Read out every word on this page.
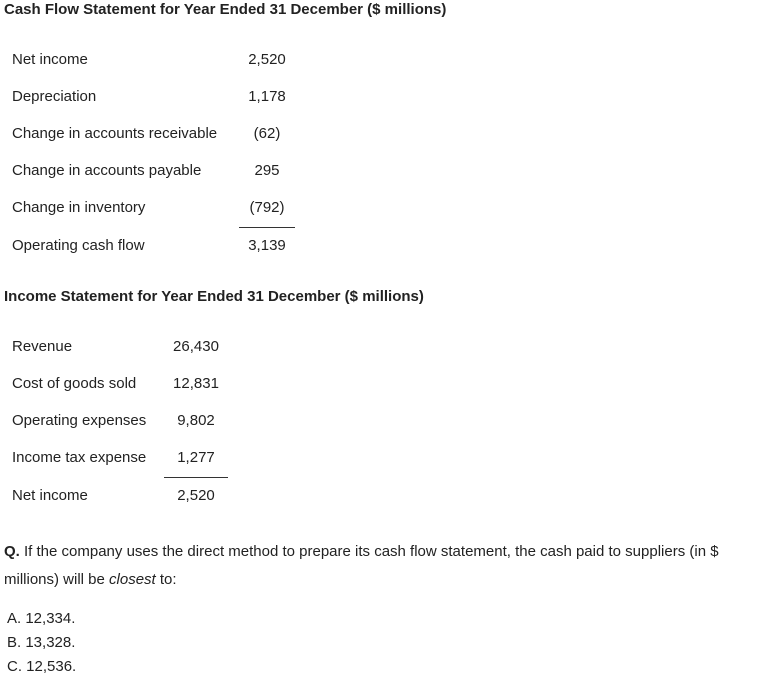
Cash Flow Statement for Year Ended 31 December ($ millions)
Net income	2,520
Depreciation	1,178
Change in accounts receivable	(62)
Change in accounts payable	295
Change in inventory	(792)
Operating cash flow	3,139
Income Statement for Year Ended 31 December ($ millions)
Revenue	26,430
Cost of goods sold	12,831
Operating expenses	9,802
Income tax expense	1,277
Net income	2,520
Q. If the company uses the direct method to prepare its cash flow statement, the cash paid to suppliers (in $ millions) will be closest to:
A. 12,334.
B. 13,328.
C. 12,536.
